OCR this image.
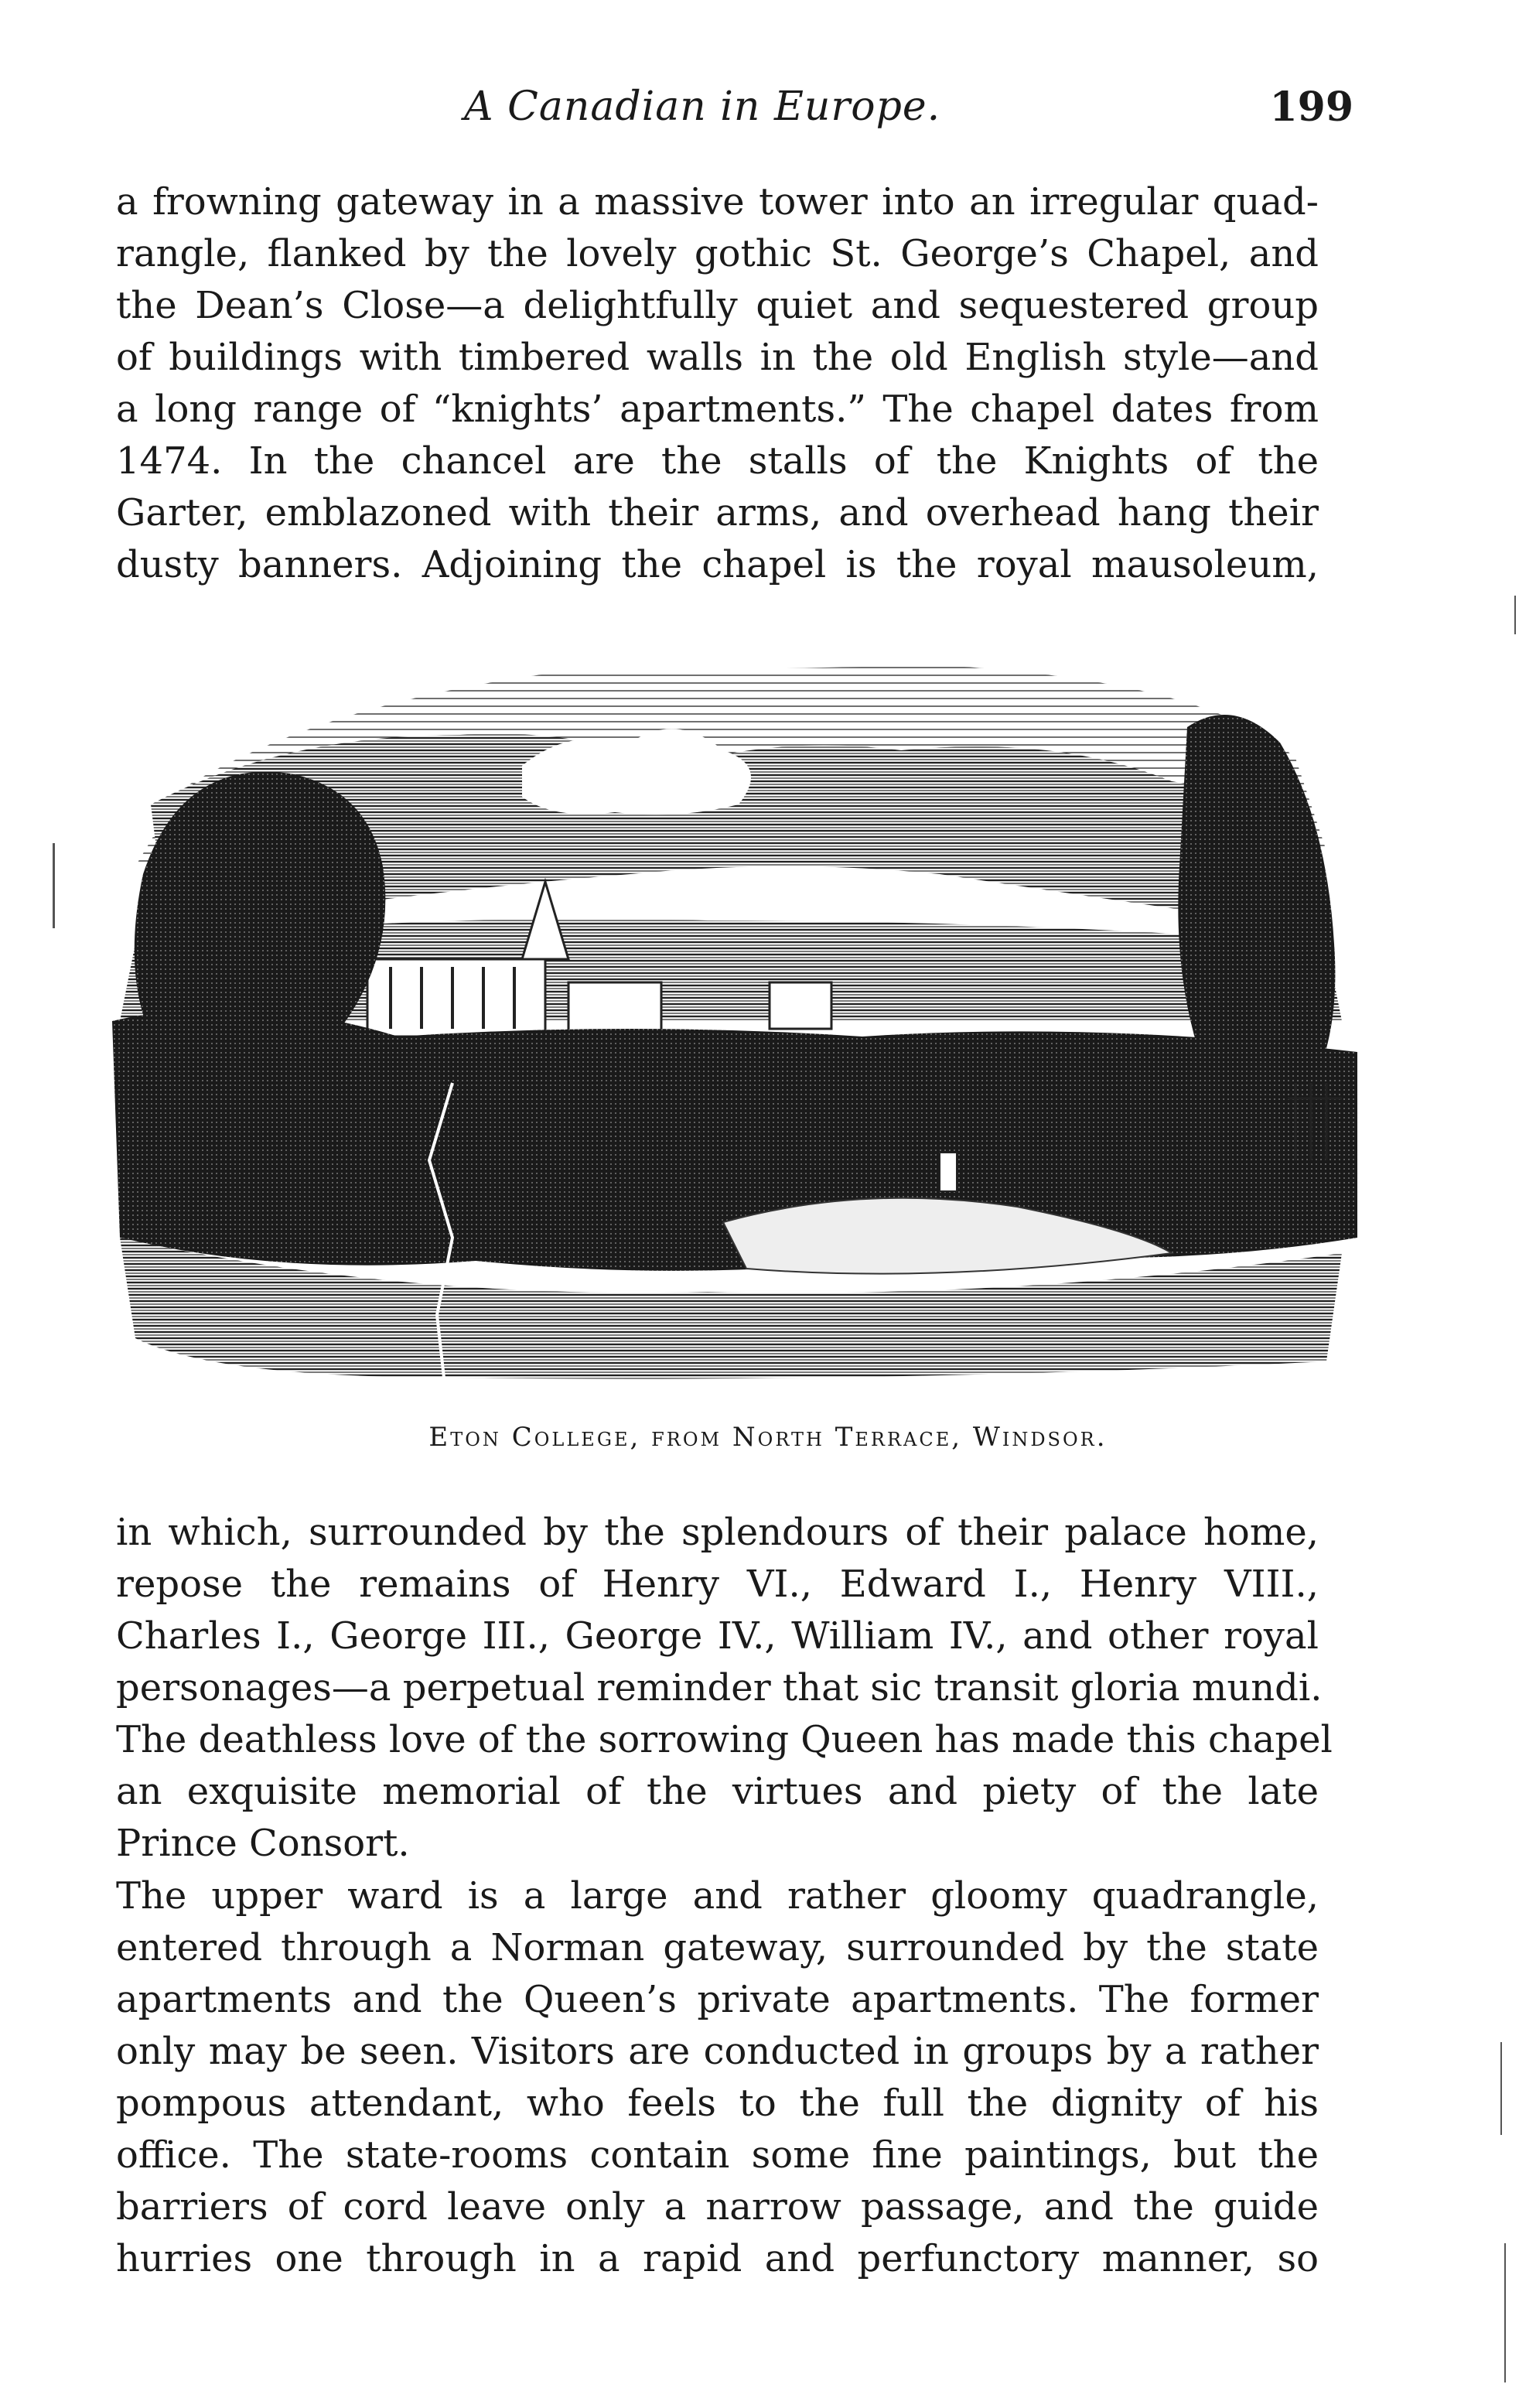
A Canadian in Europe.	199
a frowning gateway in a massive tower into an irregular quad-
rangle, flanked by the lovely gothic St. George’s Chapel, and
the Dean’s Close—a delightfully quiet and sequestered group
of buildings with timbered walls in the old English style—and
a long range of “knights’ apartments.” The chapel dates from
1474. In the chancel are the stalls of the Knights of the
Garter, emblazoned with their arms, and overhead hang their
dusty banners. Adjoining the chapel is the royal mausoleum,
Eton College, from North Terrace, Windsor.
in which, surrounded by the splendours of their palace home,
repose the remains of Henry VI., Edward I., Henry VIII.,
Charles I., George III., George IV., William IV., and other royal
personages—a perpetual reminder that sic transit gloria mundi.
The deathless love of the sorrowing Queen has made this chapel
an exquisite memorial of the virtues and piety of the late
Prince Consort.
The upper ward is a large and rather gloomy quadrangle,
entered through a Norman gateway, surrounded by the state
apartments and the Queen’s private apartments. The former
only may be seen. Visitors are conducted in groups by a rather
pompous attendant, who feels to the full the dignity of his
office. The state-rooms contain some fine paintings, but the
barriers of cord leave only a narrow passage, and the guide
hurries one through in a rapid and perfunctory manner, so
